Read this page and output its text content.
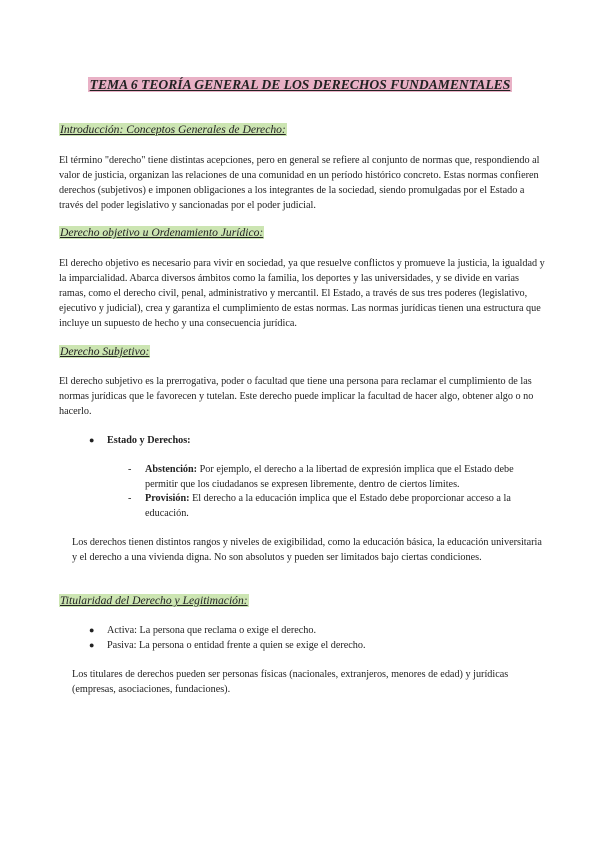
TEMA 6 TEORÍA GENERAL DE LOS DERECHOS FUNDAMENTALES
Introducción: Conceptos Generales de Derecho:

El término "derecho" tiene distintas acepciones, pero en general se refiere al conjunto de normas que, respondiendo al valor de justicia, organizan las relaciones de una comunidad en un período histórico concreto. Estas normas confieren derechos (subjetivos) e imponen obligaciones a los integrantes de la sociedad, siendo promulgadas por el Estado a través del poder legislativo y sancionadas por el poder judicial.

Derecho objetivo u Ordenamiento Jurídico:

El derecho objetivo es necesario para vivir en sociedad, ya que resuelve conflictos y promueve la justicia, la igualdad y la imparcialidad. Abarca diversos ámbitos como la familia, los deportes y las universidades, y se divide en varias ramas, como el derecho civil, penal, administrativo y mercantil. El Estado, a través de sus tres poderes (legislativo, ejecutivo y judicial), crea y garantiza el cumplimiento de estas normas. Las normas jurídicas tienen una estructura que incluye un supuesto de hecho y una consecuencia jurídica.

Derecho Subjetivo:

El derecho subjetivo es la prerrogativa, poder o facultad que tiene una persona para reclamar el cumplimiento de las normas jurídicas que le favorecen y tutelan. Este derecho puede implicar la facultad de hacer algo, obtener algo o no hacerlo.

●	Estado y Derechos:
-	Abstención: Por ejemplo, el derecho a la libertad de expresión implica que el Estado debe permitir que los ciudadanos se expresen libremente, dentro de ciertos límites.
-	Provisión: El derecho a la educación implica que el Estado debe proporcionar acceso a la educación.

Los derechos tienen distintos rangos y niveles de exigibilidad, como la educación básica, la educación universitaria y el derecho a una vivienda digna. No son absolutos y pueden ser limitados bajo ciertas condiciones.

Titularidad del Derecho y Legitimación:
●	Activa: La persona que reclama o exige el derecho.
●	Pasiva: La persona o entidad frente a quien se exige el derecho.

Los titulares de derechos pueden ser personas físicas (nacionales, extranjeros, menores de edad) y jurídicas (empresas, asociaciones, fundaciones).
